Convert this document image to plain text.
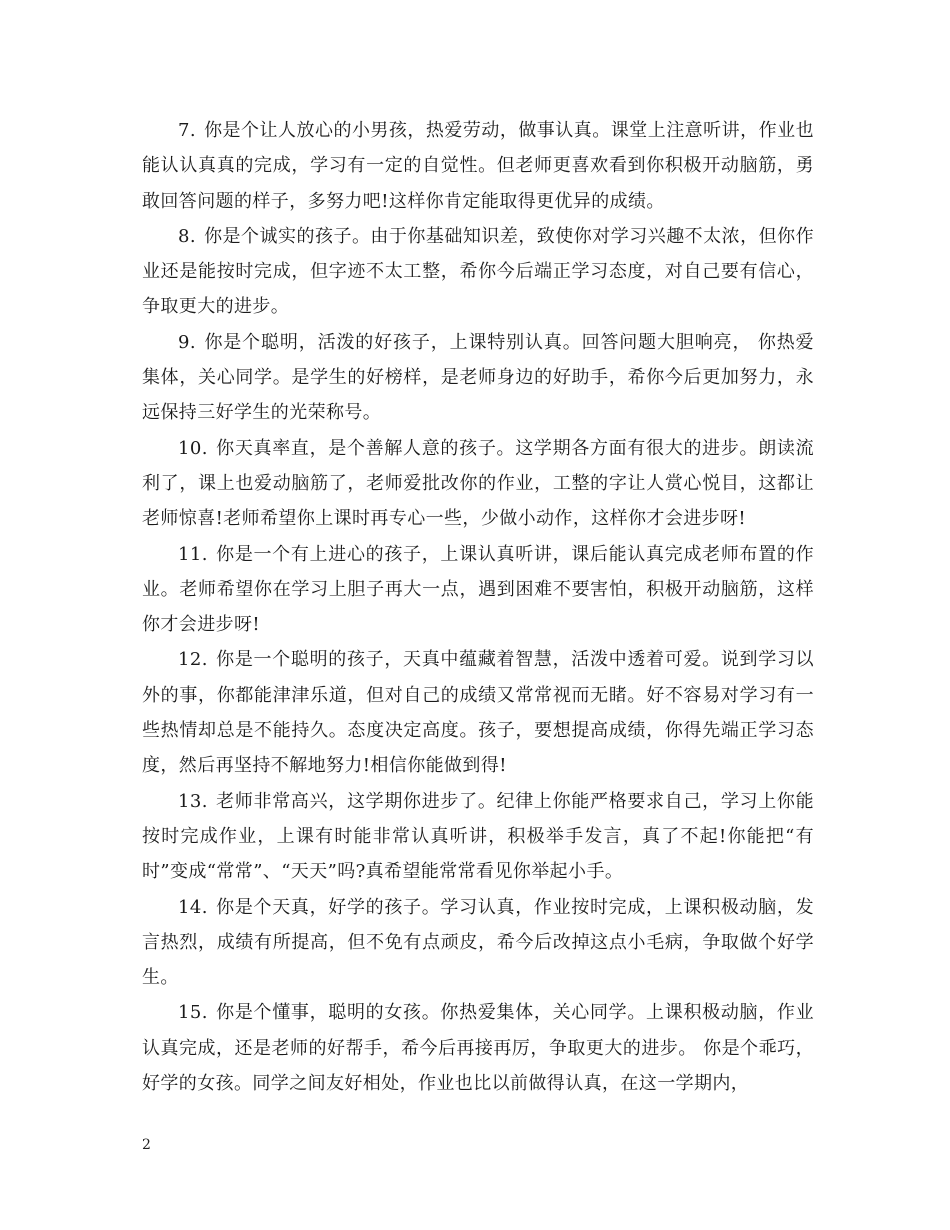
7. 你是个让人放心的小男孩，热爱劳动，做事认真。课堂上注意听讲，作业也能认认真真的完成，学习有一定的自觉性。但老师更喜欢看到你积极开动脑筋，勇敢回答问题的样子，多努力吧!这样你肯定能取得更优异的成绩。

8. 你是个诚实的孩子。由于你基础知识差，致使你对学习兴趣不太浓，但你作业还是能按时完成，但字迹不太工整，希你今后端正学习态度，对自己要有信心，争取更大的进步。

9. 你是个聪明，活泼的好孩子，上课特别认真。回答问题大胆响亮， 你热爱集体，关心同学。是学生的好榜样，是老师身边的好助手，希你今后更加努力，永远保持三好学生的光荣称号。

10. 你天真率直，是个善解人意的孩子。这学期各方面有很大的进步。朗读流利了，课上也爱动脑筋了，老师爱批改你的作业，工整的字让人赏心悦目，这都让老师惊喜!老师希望你上课时再专心一些，少做小动作，这样你才会进步呀!

11. 你是一个有上进心的孩子，上课认真听讲，课后能认真完成老师布置的作业。老师希望你在学习上胆子再大一点，遇到困难不要害怕，积极开动脑筋，这样你才会进步呀!

12. 你是一个聪明的孩子，天真中蕴藏着智慧，活泼中透着可爱。说到学习以外的事，你都能津津乐道，但对自己的成绩又常常视而无睹。好不容易对学习有一些热情却总是不能持久。态度决定高度。孩子，要想提高成绩，你得先端正学习态度，然后再坚持不解地努力!相信你能做到得!

13. 老师非常高兴，这学期你进步了。纪律上你能严格要求自己，学习上你能按时完成作业，上课有时能非常认真听讲，积极举手发言，真了不起!你能把“有时”变成“常常”、“天天”吗?真希望能常常看见你举起小手。

14. 你是个天真，好学的孩子。学习认真，作业按时完成，上课积极动脑，发言热烈，成绩有所提高，但不免有点顽皮，希今后改掉这点小毛病，争取做个好学生。

15. 你是个懂事，聪明的女孩。你热爱集体，关心同学。上课积极动脑，作业认真完成，还是老师的好帮手，希今后再接再厉，争取更大的进步。 你是个乖巧，好学的女孩。同学之间友好相处，作业也比以前做得认真，在这一学期内，

2
